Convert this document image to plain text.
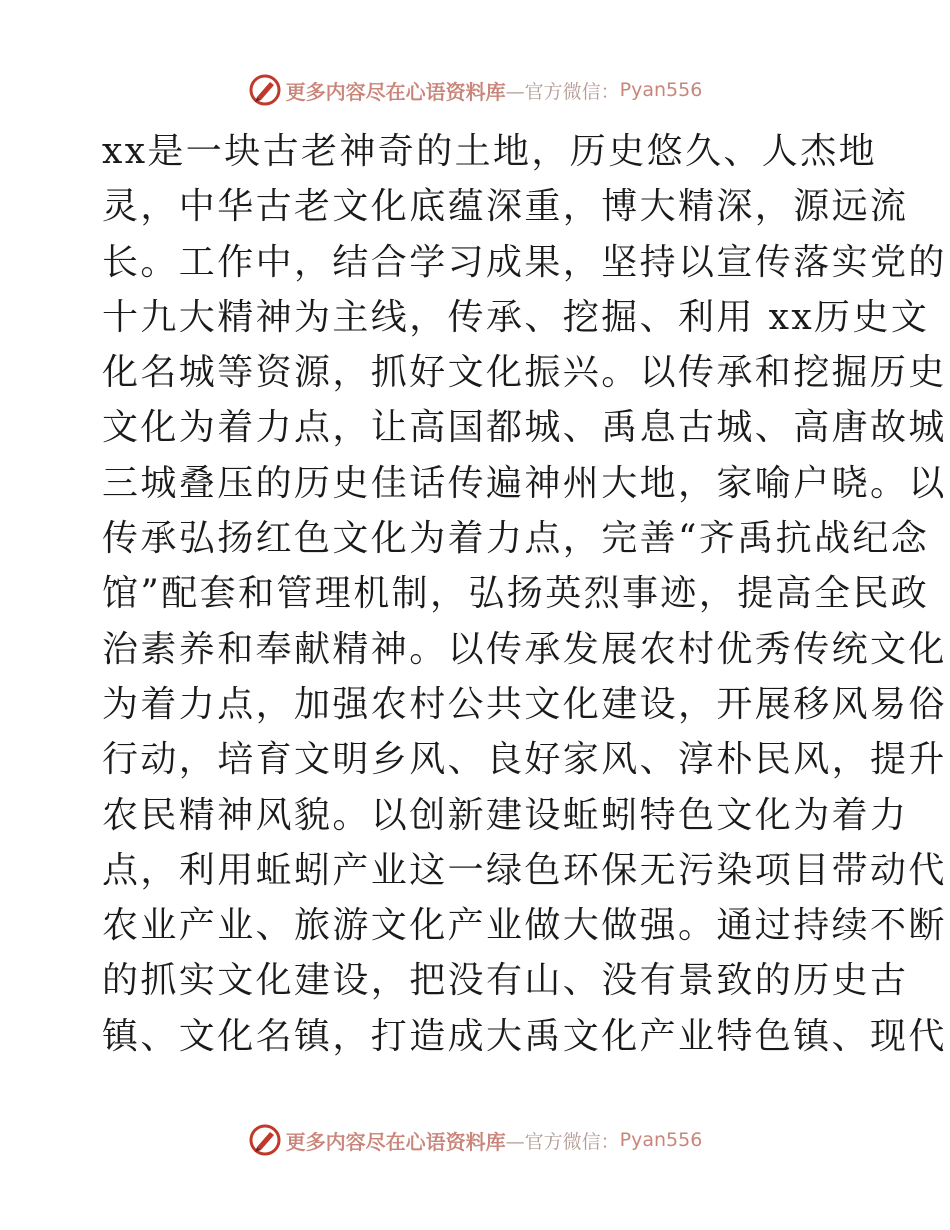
更多内容尽在心语资料库 —官方微信： Pyan556
xx是一块古老神奇的土地，历史悠久、人杰地
灵，中华古老文化底蕴深重，博大精深，源远流
长。工作中，结合学习成果，坚持以宣传落实党的
十九大精神为主线，传承、挖掘、利用 xx历史文
化名城等资源，抓好文化振兴。以传承和挖掘历史
文化为着力点，让高国都城、禹息古城、高唐故城
三城叠压的历史佳话传遍神州大地，家喻户晓。以
传承弘扬红色文化为着力点，完善“齐禹抗战纪念
馆”配套和管理机制，弘扬英烈事迹，提高全民政
治素养和奉献精神。以传承发展农村优秀传统文化
为着力点，加强农村公共文化建设，开展移风易俗
行动，培育文明乡风、良好家风、淳朴民风，提升
农民精神风貌。以创新建设蚯蚓特色文化为着力
点，利用蚯蚓产业这一绿色环保无污染项目带动代
农业产业、旅游文化产业做大做强。通过持续不断
的抓实文化建设，把没有山、没有景致的历史古
镇、文化名镇，打造成大禹文化产业特色镇、现代
更多内容尽在心语资料库 —官方微信： Pyan556
